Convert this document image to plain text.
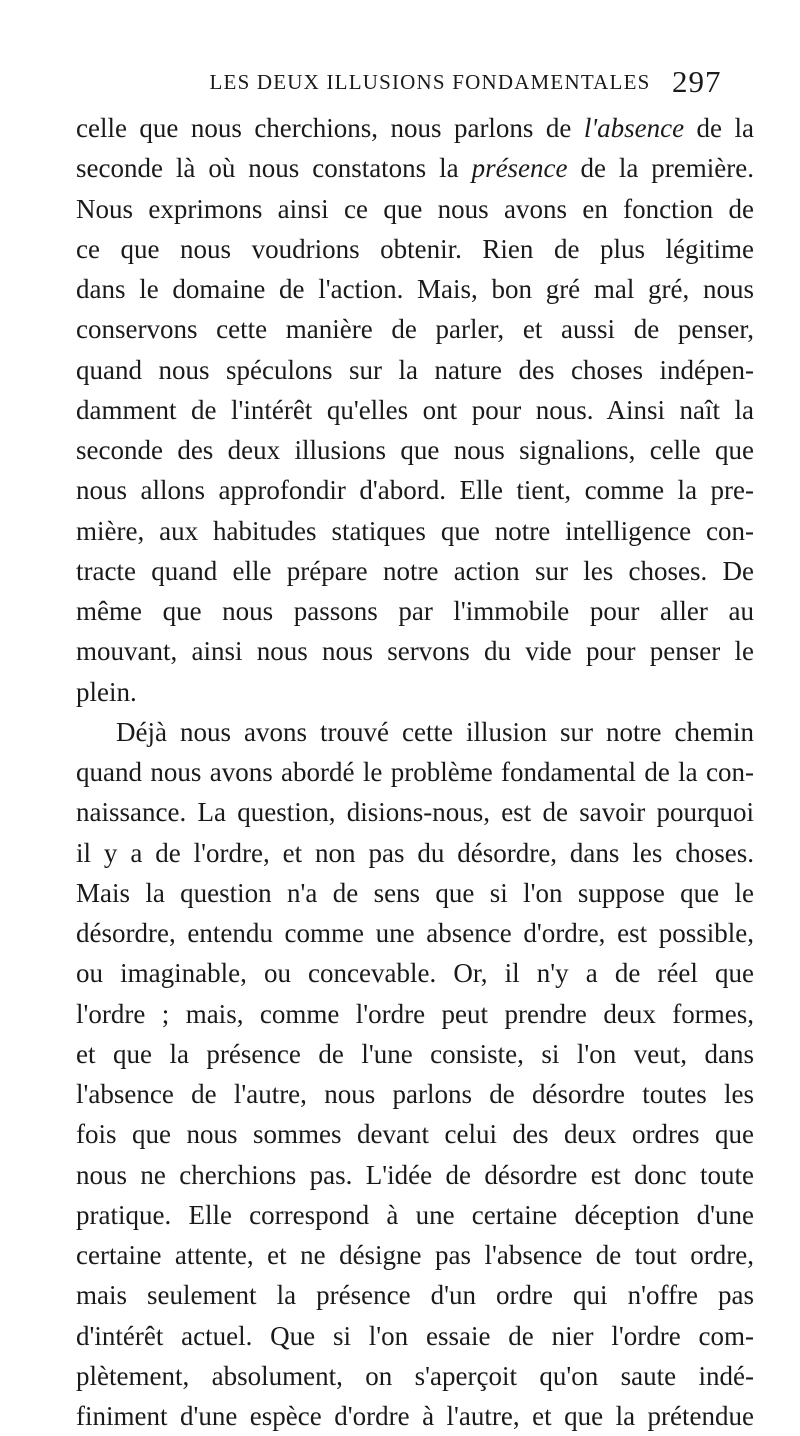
LES DEUX ILLUSIONS FONDAMENTALES 297
celle que nous cherchions, nous parlons de l'absence de la
seconde là où nous constatons la présence de la première.
Nous exprimons ainsi ce que nous avons en fonction de
ce que nous voudrions obtenir. Rien de plus légitime
dans le domaine de l'action. Mais, bon gré mal gré, nous
conservons cette manière de parler, et aussi de penser,
quand nous spéculons sur la nature des choses indépen-
damment de l'intérêt qu'elles ont pour nous. Ainsi naît la
seconde des deux illusions que nous signalions, celle que
nous allons approfondir d'abord. Elle tient, comme la pre-
mière, aux habitudes statiques que notre intelligence con-
tracte quand elle prépare notre action sur les choses. De
même que nous passons par l'immobile pour aller au
mouvant, ainsi nous nous servons du vide pour penser le
plein.
Déjà nous avons trouvé cette illusion sur notre chemin
quand nous avons abordé le problème fondamental de la con-
naissance. La question, disions-nous, est de savoir pourquoi
il y a de l'ordre, et non pas du désordre, dans les choses.
Mais la question n'a de sens que si l'on suppose que le
désordre, entendu comme une absence d'ordre, est possible,
ou imaginable, ou concevable. Or, il n'y a de réel que
l'ordre ; mais, comme l'ordre peut prendre deux formes,
et que la présence de l'une consiste, si l'on veut, dans
l'absence de l'autre, nous parlons de désordre toutes les
fois que nous sommes devant celui des deux ordres que
nous ne cherchions pas. L'idée de désordre est donc toute
pratique. Elle correspond à une certaine déception d'une
certaine attente, et ne désigne pas l'absence de tout ordre,
mais seulement la présence d'un ordre qui n'offre pas
d'intérêt actuel. Que si l'on essaie de nier l'ordre com-
plètement, absolument, on s'aperçoit qu'on saute indé-
finiment d'une espèce d'ordre à l'autre, et que la prétendue
